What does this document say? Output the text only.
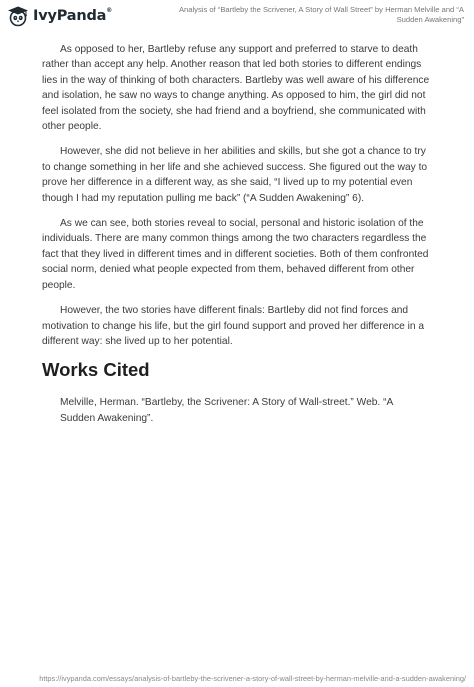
IvyPanda®	Analysis of “Bartleby the Scrivener, A Story of Wall Street” by Herman Melville and “A Sudden Awakening”

As opposed to her, Bartleby refuse any support and preferred to starve to death rather than accept any help. Another reason that led both stories to different endings lies in the way of thinking of both characters. Bartleby was well aware of his difference and isolation, he saw no ways to change anything. As opposed to him, the girl did not feel isolated from the society, she had friend and a boyfriend, she communicated with other people.

However, she did not believe in her abilities and skills, but she got a chance to try to change something in her life and she achieved success. She figured out the way to prove her difference in a different way, as she said, “I lived up to my potential even though I had my reputation pulling me back” (“A Sudden Awakening” 6).

As we can see, both stories reveal to social, personal and historic isolation of the individuals. There are many common things among the two characters regardless the fact that they lived in different times and in different societies. Both of them confronted social norm, denied what people expected from them, behaved different from other people.

However, the two stories have different finals: Bartleby did not find forces and motivation to change his life, but the girl found support and proved her difference in a different way: she lived up to her potential.

Works Cited

Melville, Herman. “Bartleby, the Scrivener: A Story of Wall-street.” Web. “A Sudden Awakening”.

https://ivypanda.com/essays/analysis-of-bartleby-the-scrivener-a-story-of-wall-street-by-herman-melville-and-a-sudden-awakening/
